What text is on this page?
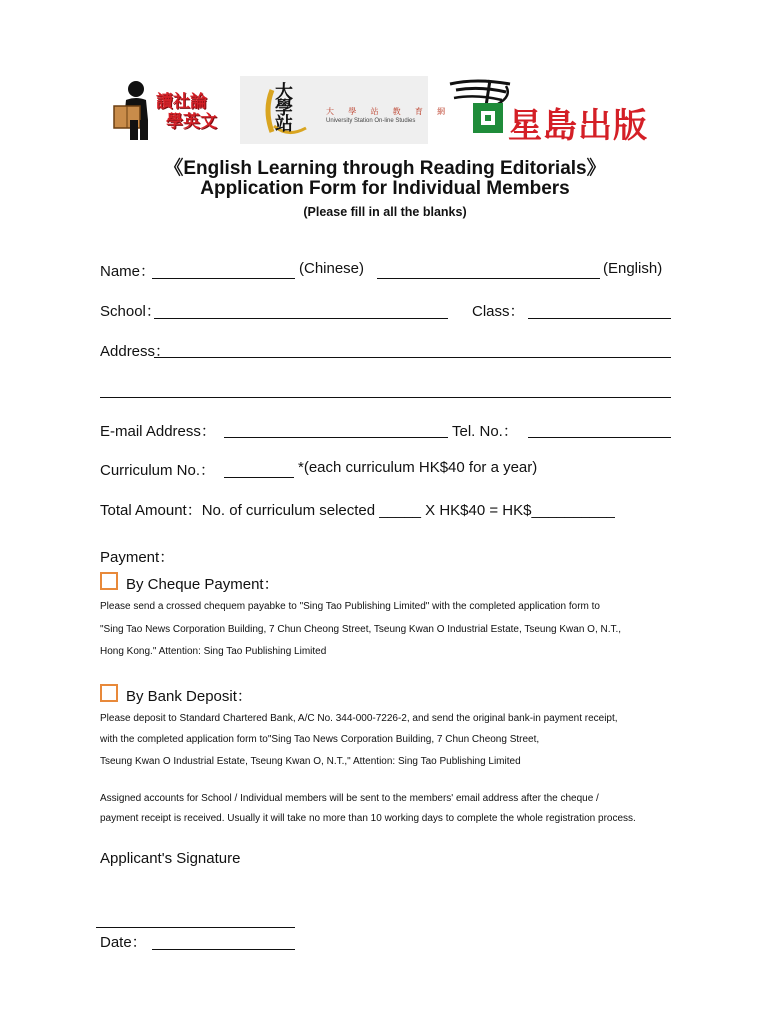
讀社論
學英文	大學站	大 學 站 教 育 網
University Station On-line Studies	星島出版
《English Learning through Reading Editorials》
Application Form for Individual Members
(Please fill in all the blanks)
Name：	(Chinese)	(English)
School：	Class：
Address：
E-mail Address：	Tel. No.：
Curriculum No.：	*(each curriculum HK$40 for a year)
Total Amount：No. of curriculum selected _____ X HK$40 = HK$__________
Payment：
By Cheque Payment：
Please send a crossed chequem payabke to "Sing Tao Publishing Limited" with the completed application form to
"Sing Tao News Corporation Building, 7 Chun Cheong Street, Tseung Kwan O Industrial Estate, Tseung Kwan O, N.T.,
Hong Kong." Attention: Sing Tao Publishing Limited
By Bank Deposit：
Please deposit to Standard Chartered Bank, A/C No. 344-000-7226-2, and send the original bank-in payment receipt,
with the completed application form to"Sing Tao News Corporation Building, 7 Chun Cheong Street,
Tseung Kwan O Industrial Estate, Tseung Kwan O, N.T.," Attention: Sing Tao Publishing Limited
Assigned accounts for School / Individual members will be sent to the members' email address after the cheque /
payment receipt is received. Usually it will take no more than 10 working days to complete the whole registration process.
Applicant's Signature
Date：
